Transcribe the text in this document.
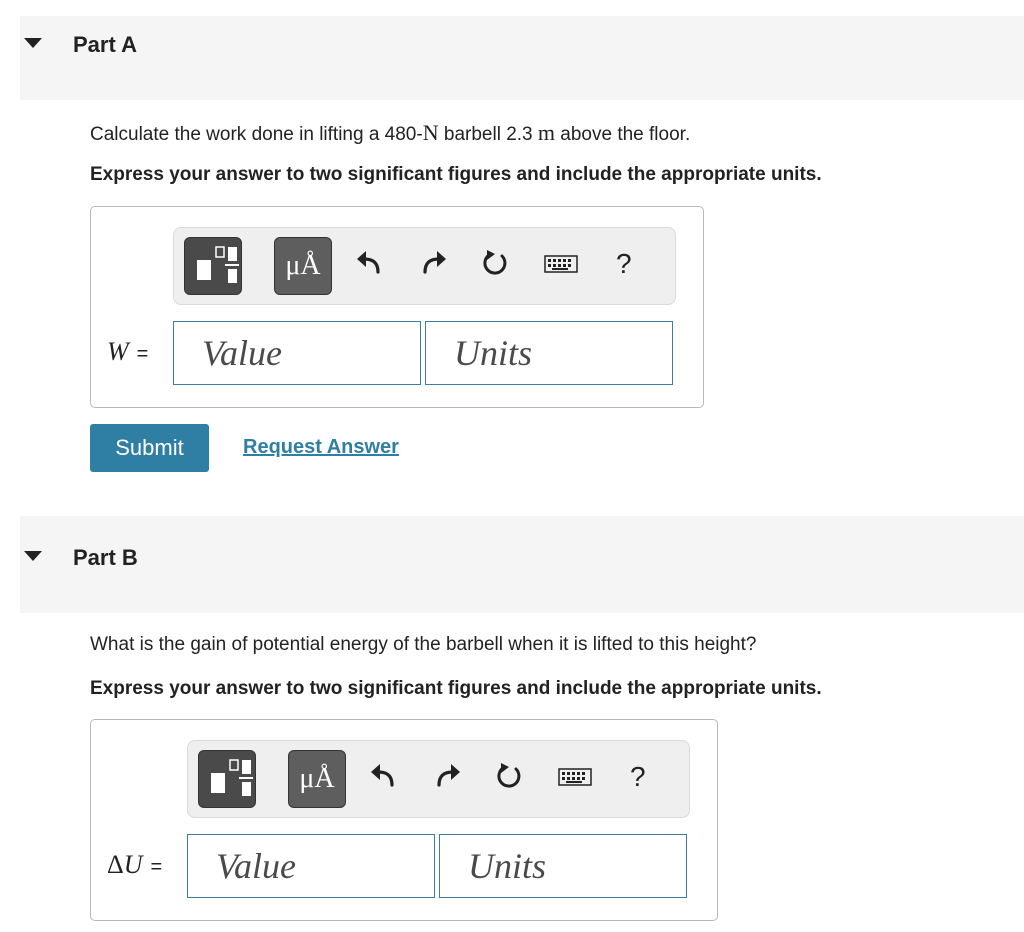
Part A
Calculate the work done in lifting a 480-N barbell 2.3 m above the floor.
Express your answer to two significant figures and include the appropriate units.
μÅ	?
W =
Value
Units
Submit	Request Answer
Part B
What is the gain of potential energy of the barbell when it is lifted to this height?
Express your answer to two significant figures and include the appropriate units.
μÅ	?
ΔU =
Value
Units
